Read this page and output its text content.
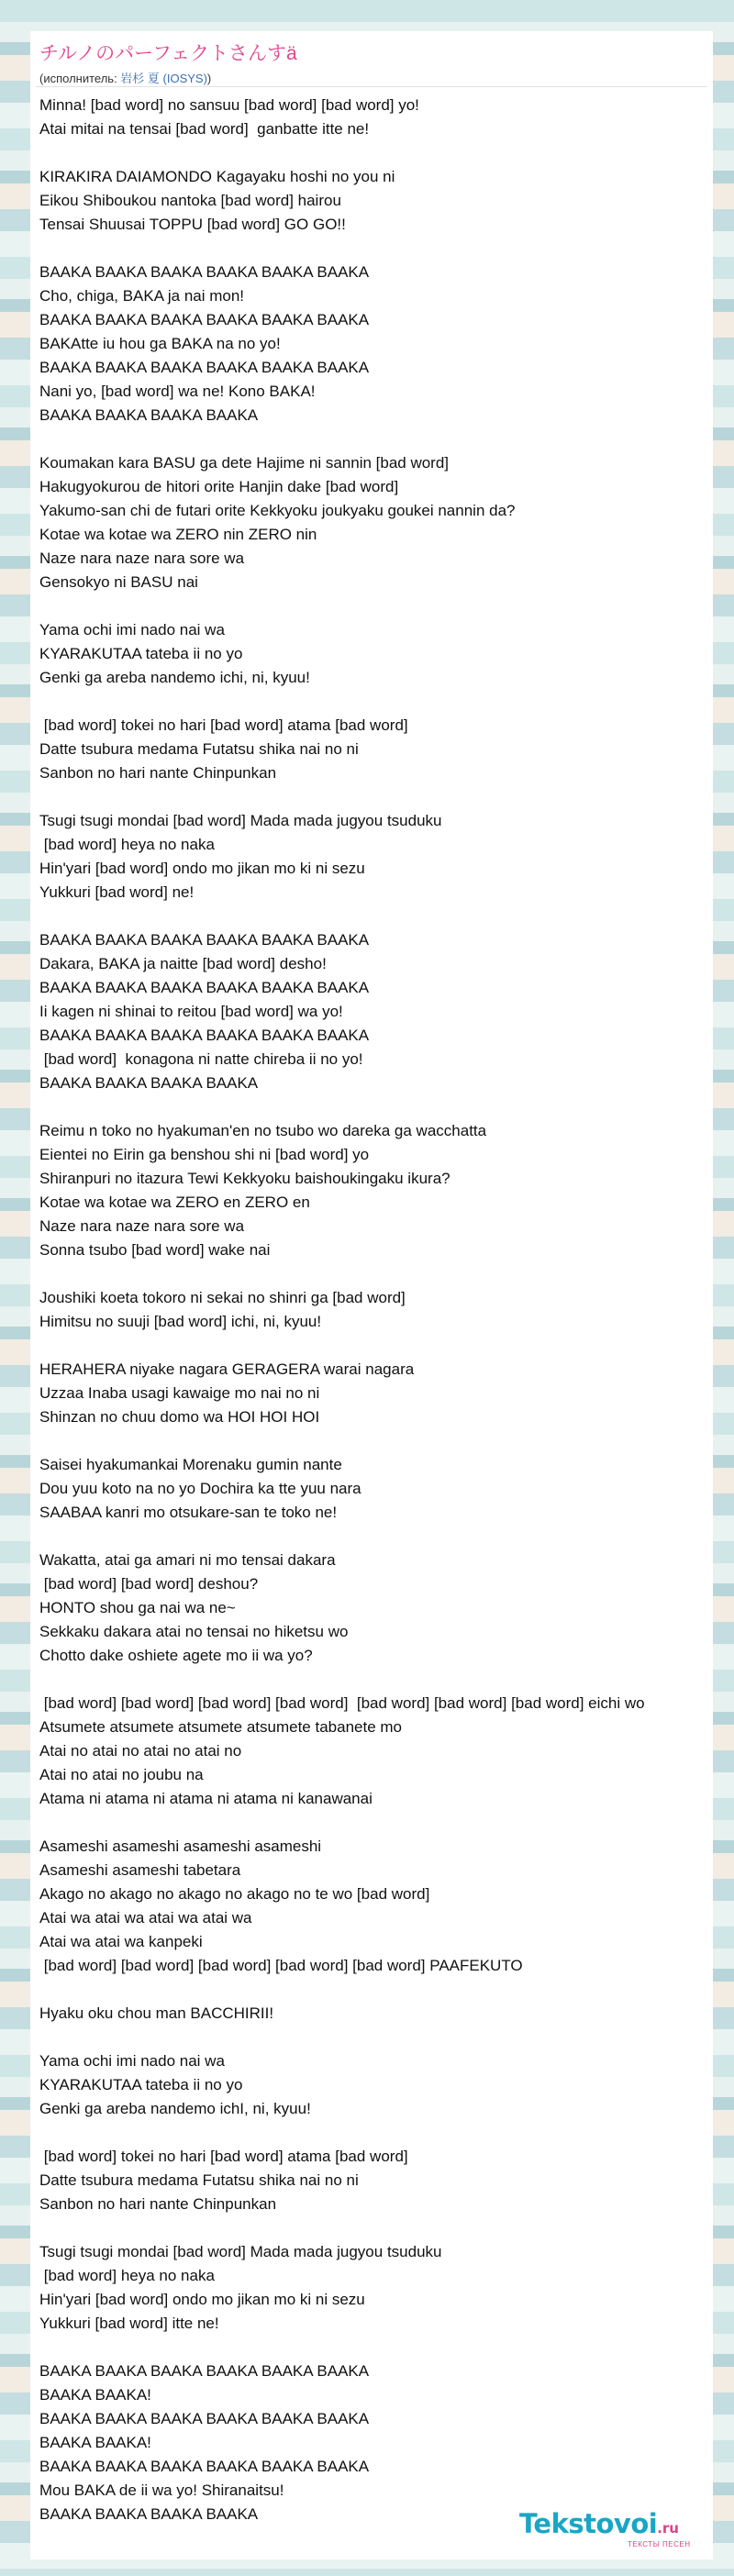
チルノのパーフェクトさんすä
(исполнитель: 岩杉 夏 (IOSYS))
Minna! [bad word] no sansuu [bad word] [bad word] yo!
Atai mitai na tensai [bad word]  ganbatte itte ne!

KIRAKIRA DAIAMONDO Kagayaku hoshi no you ni
Eikou Shiboukou nantoka [bad word] hairou
Tensai Shuusai TOPPU [bad word] GO GO!!

BAAKA BAAKA BAAKA BAAKA BAAKA BAAKA
Cho, chiga, BAKA ja nai mon!
BAAKA BAAKA BAAKA BAAKA BAAKA BAAKA
BAKAtte iu hou ga BAKA na no yo!
BAAKA BAAKA BAAKA BAAKA BAAKA BAAKA
Nani yo, [bad word] wa ne! Kono BAKA!
BAAKA BAAKA BAAKA BAAKA

Koumakan kara BASU ga dete Hajime ni sannin [bad word]
Hakugyokurou de hitori orite Hanjin dake [bad word]
Yakumo-san chi de futari orite Kekkyoku joukyaku goukei nannin da?
Kotae wa kotae wa ZERO nin ZERO nin
Naze nara naze nara sore wa
Gensokyo ni BASU nai

Yama ochi imi nado nai wa
KYARAKUTAA tateba ii no yo
Genki ga areba nandemo ichi, ni, kyuu!

[bad word] tokei no hari [bad word] atama [bad word]
Datte tsubura medama Futatsu shika nai no ni
Sanbon no hari nante Chinpunkan

Tsugi tsugi mondai [bad word] Mada mada jugyou tsuduku
[bad word] heya no naka
Hin'yari [bad word] ondo mo jikan mo ki ni sezu
Yukkuri [bad word] ne!

BAAKA BAAKA BAAKA BAAKA BAAKA BAAKA
Dakara, BAKA ja naitte [bad word] desho!
BAAKA BAAKA BAAKA BAAKA BAAKA BAAKA
Ii kagen ni shinai to reitou [bad word] wa yo!
BAAKA BAAKA BAAKA BAAKA BAAKA BAAKA
[bad word]  konagona ni natte chireba ii no yo!
BAAKA BAAKA BAAKA BAAKA

Reimu n toko no hyakuman'en no tsubo wo dareka ga wacchatta
Eientei no Eirin ga benshou shi ni [bad word] yo
Shiranpuri no itazura Tewi Kekkyoku baishoukingaku ikura?
Kotae wa kotae wa ZERO en ZERO en
Naze nara naze nara sore wa
Sonna tsubo [bad word] wake nai

Joushiki koeta tokoro ni sekai no shinri ga [bad word]
Himitsu no suuji [bad word] ichi, ni, kyuu!

HERAHERA niyake nagara GERAGERA warai nagara
Uzzaa Inaba usagi kawaige mo nai no ni
Shinzan no chuu domo wa HOI HOI HOI

Saisei hyakumankai Morenaku gumin nante
Dou yuu koto na no yo Dochira ka tte yuu nara
SAABAA kanri mo otsukare-san te toko ne!

Wakatta, atai ga amari ni mo tensai dakara
[bad word] [bad word] deshou?
HONTO shou ga nai wa ne~
Sekkaku dakara atai no tensai no hiketsu wo
Chotto dake oshiete agete mo ii wa yo?

[bad word] [bad word] [bad word] [bad word]  [bad word] [bad word] [bad word] eichi wo
Atsumete atsumete atsumete atsumete tabanete mo
Atai no atai no atai no atai no
Atai no atai no joubu na
Atama ni atama ni atama ni atama ni kanawanai

Asameshi asameshi asameshi asameshi
Asameshi asameshi tabetara
Akago no akago no akago no akago no te wo [bad word]
Atai wa atai wa atai wa atai wa
Atai wa atai wa kanpeki
[bad word] [bad word] [bad word] [bad word] [bad word] PAAFEKUTO

Hyaku oku chou man BACCHIRII!

Yama ochi imi nado nai wa
KYARAKUTAA tateba ii no yo
Genki ga areba nandemo ichI, ni, kyuu!

[bad word] tokei no hari [bad word] atama [bad word]
Datte tsubura medama Futatsu shika nai no ni
Sanbon no hari nante Chinpunkan

Tsugi tsugi mondai [bad word] Mada mada jugyou tsuduku
[bad word] heya no naka
Hin'yari [bad word] ondo mo jikan mo ki ni sezu
Yukkuri [bad word] itte ne!

BAAKA BAAKA BAAKA BAAKA BAAKA BAAKA
BAAKA BAAKA!
BAAKA BAAKA BAAKA BAAKA BAAKA BAAKA
BAAKA BAAKA!
BAAKA BAAKA BAAKA BAAKA BAAKA BAAKA
Mou BAKA de ii wa yo! Shiranaitsu!
BAAKA BAAKA BAAKA BAAKA	Tekstovoi.ru
ТЕКСТЫ ПЕСЕН
